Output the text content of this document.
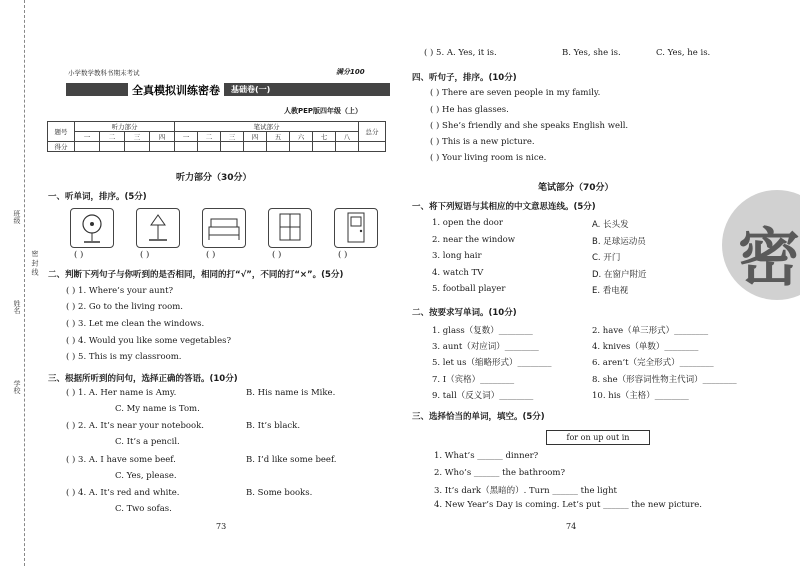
班级
姓名
密 封 线
学校
小学数学教科书期末考试	满分100
全真模拟训练密卷	基础卷(一)
人教PEP版四年级（上）
题号	听力部分				笔试部分								总分
	一	二	三	四	一	二	三	四	五	六	七	八	
得分													
听力部分（30分）
一、听单词，排序。(5分)
( )	( )	( )	( )	( )
二、判断下列句子与你听到的是否相同，相同的打“√”，不同的打“×”。(5分)
( ) 1. Where’s your aunt?
( ) 2. Go to the living room.
( ) 3. Let me clean the windows.
( ) 4. Would you like some vegetables?
( ) 5. This is my classroom.
三、根据所听到的问句，选择正确的答语。(10分)
( ) 1. A. Her name is Amy.	B. His name is Mike.
C. My name is Tom.
( ) 2. A. It’s near your notebook.	B. It’s black.
C. It’s a pencil.
( ) 3. A. I have some beef.	B. I’d like some beef.
C. Yes, please.
( ) 4. A. It’s red and white.	B. Some books.
C. Two sofas.
73
( ) 5. A. Yes, it is.	B. Yes, she is.	C. Yes, he is.
四、听句子，排序。(10分)
( ) There are seven people in my family.
( ) He has glasses.
( ) She’s friendly and she speaks English well.
( ) This is a new picture.
( ) Your living room is nice.
密
笔试部分（70分）
一、将下列短语与其相应的中文意思连线。(5分)
1. open the door
2. near the window
3. long hair
4. watch TV
5. football player
A. 长头发
B. 足球运动员
C. 开门
D. 在窗户附近
E. 看电视
二、按要求写单词。(10分)
1. glass（复数）________	2. have（单三形式）________
3. aunt（对应词）________	4. knives（单数）________
5. let us（缩略形式）________	6. aren’t（完全形式）________
7. I（宾格）________	8. she（形容词性物主代词）________
9. tall（反义词）________	10. his（主格）________
三、选择恰当的单词，填空。(5分)
for on up out in
1. What’s ______ dinner?
2. Who’s ______ the bathroom?
3. It’s dark（黑暗的）. Turn ______ the light
4. New Year’s Day is coming. Let’s put ______ the new picture.
74
